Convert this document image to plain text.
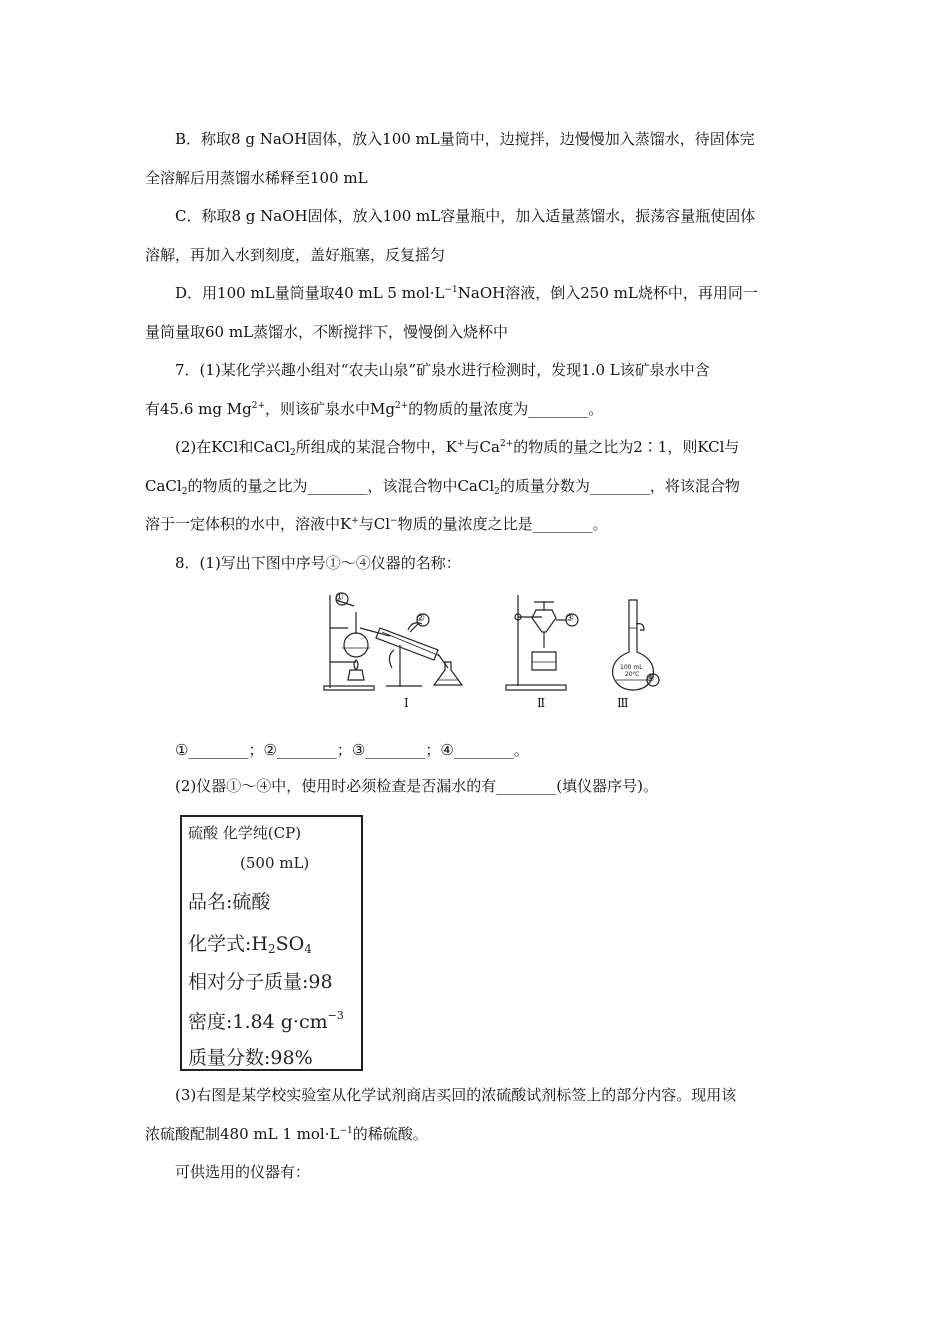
B．称取8 g NaOH固体，放入100 mL量筒中，边搅拌，边慢慢加入蒸馏水，待固体完
全溶解后用蒸馏水稀释至100 mL
C．称取8 g NaOH固体，放入100 mL容量瓶中，加入适量蒸馏水，振荡容量瓶使固体
溶解，再加入水到刻度，盖好瓶塞，反复摇匀
D．用100 mL量筒量取40 mL 5 $mol\cdot L^{-1}NaOH$溶液，倒入250 mL烧杯中，再用同一
量筒量取60 mL蒸馏水，不断搅拌下，慢慢倒入烧杯中
7．(1)某化学兴趣小组对“农夫山泉”矿泉水进行检测时，发现1.0 L该矿泉水中含
有45.6 mg $Mg^{2+}$，则该矿泉水中$Mg^{2+}$的物质的量浓度为________。
(2)在KCl和CaCl$_2$所组成的某混合物中，K+与$Ca^{2+}$的物质的量之比为2∶1，则KCl与
CaCl$_2$的物质的量之比为________，该混合物中CaCl$_2$的质量分数为________，将该混合物
溶于一定体积的水中，溶液中K+与Cl−物质的量浓度之比是________。
8．(1)写出下图中序号①～④仪器的名称：
①
②	③
④
100 mL
20℃
Ⅰ	Ⅱ	Ⅲ
①________；②________；③________；④________。
(2)仪器①～④中，使用时必须检查是否漏水的有________(填仪器序号)。
硫酸 化学纯(CP)
(500 mL)
品名:硫酸
化学式$:H_2SO_4$
相对分子质量:98
密度:1.84 $g\cdot cm^{-3}$
质量分数:98%
(3)右图是某学校实验室从化学试剂商店买回的浓硫酸试剂标签上的部分内容。现用该
浓硫酸配制480 mL 1 $mol\cdot L^{-1}$的稀硫酸。
可供选用的仪器有：
